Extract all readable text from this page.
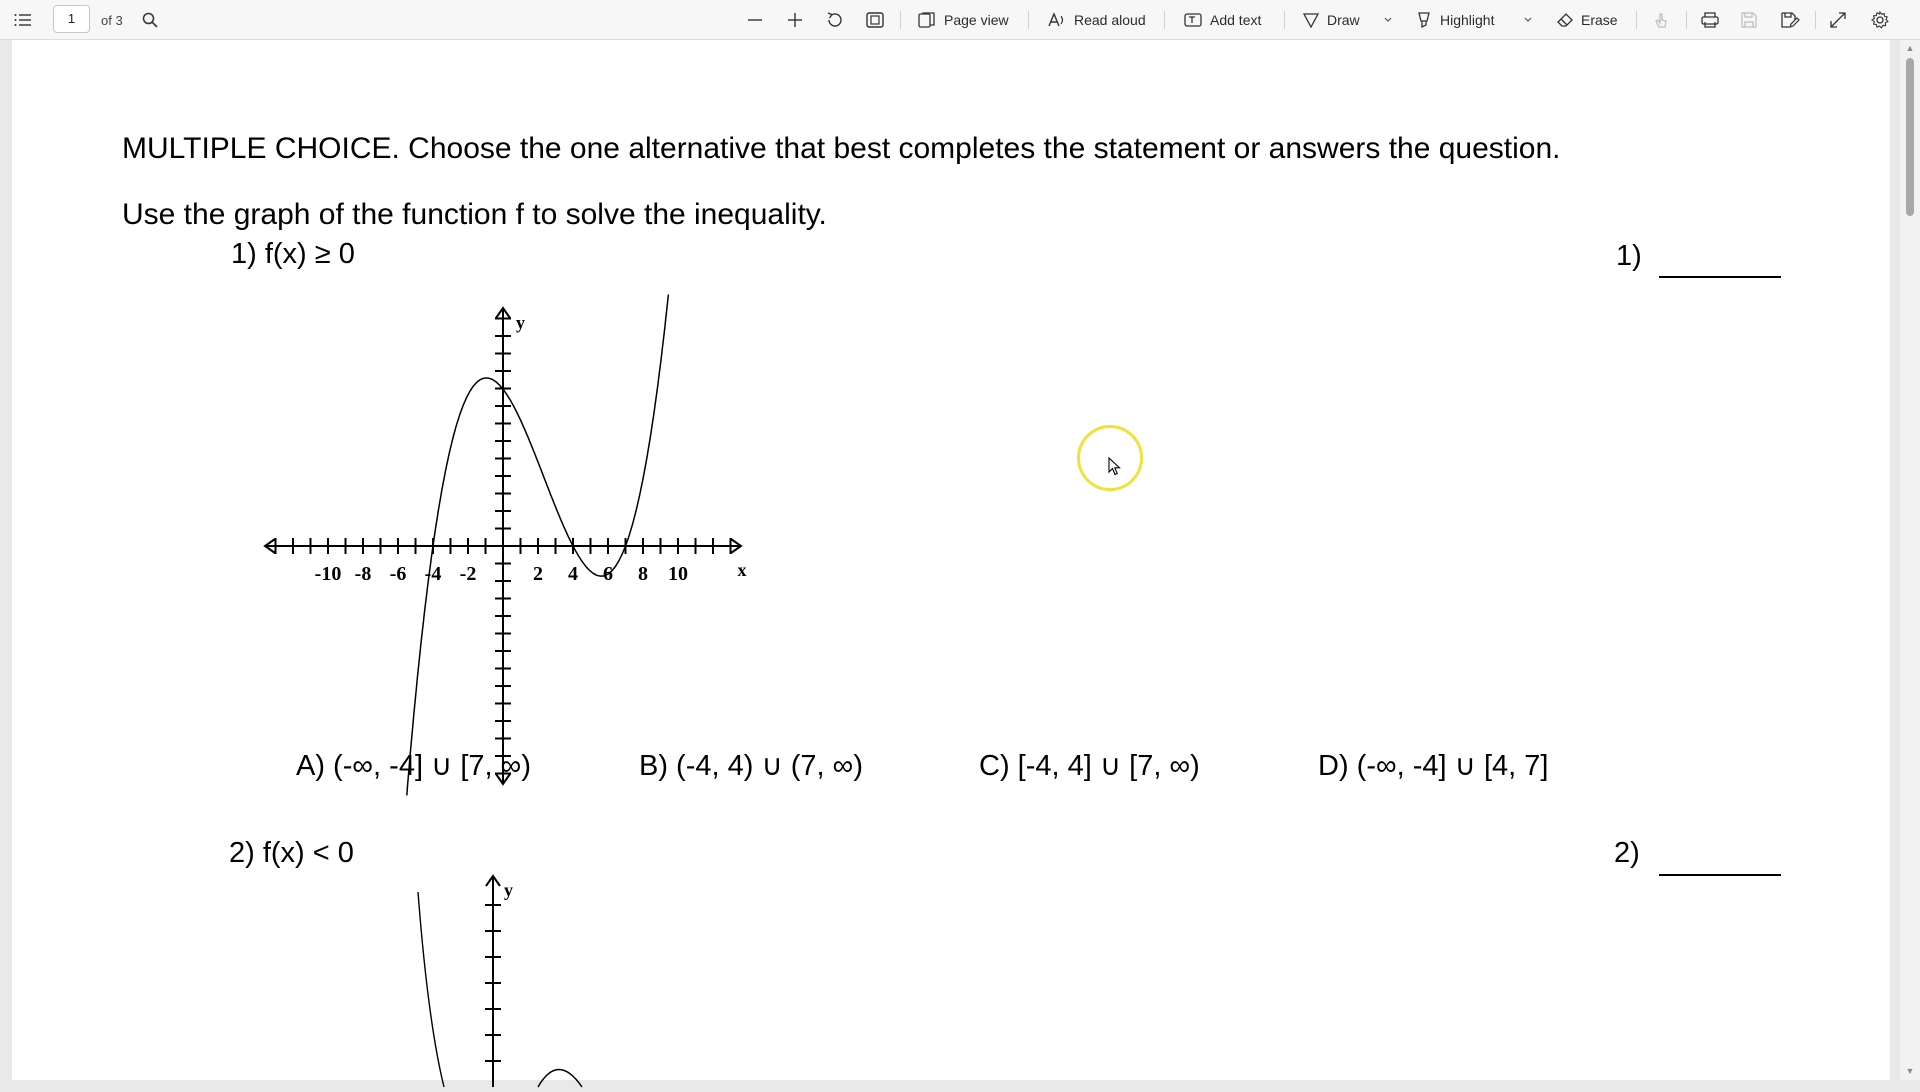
1	of 3	Page view	Read aloud	Add text	Draw	Highlight	Erase
MULTIPLE CHOICE. Choose the one alternative that best completes the statement or answers the question.
Use the graph of the function f to solve the inequality.
1) f(x) ≥ 0	1)
-10 -8 -6 -4 -2	2 4 6 8 10
y
x
A) (-∞, -4] ∪ [7, ∞)	B) (-4, 4) ∪ (7, ∞)	C) [-4, 4] ∪ [7, ∞)	D) (-∞, -4] ∪ [4, 7]
2) f(x) < 0	2)
y
▲
▼
